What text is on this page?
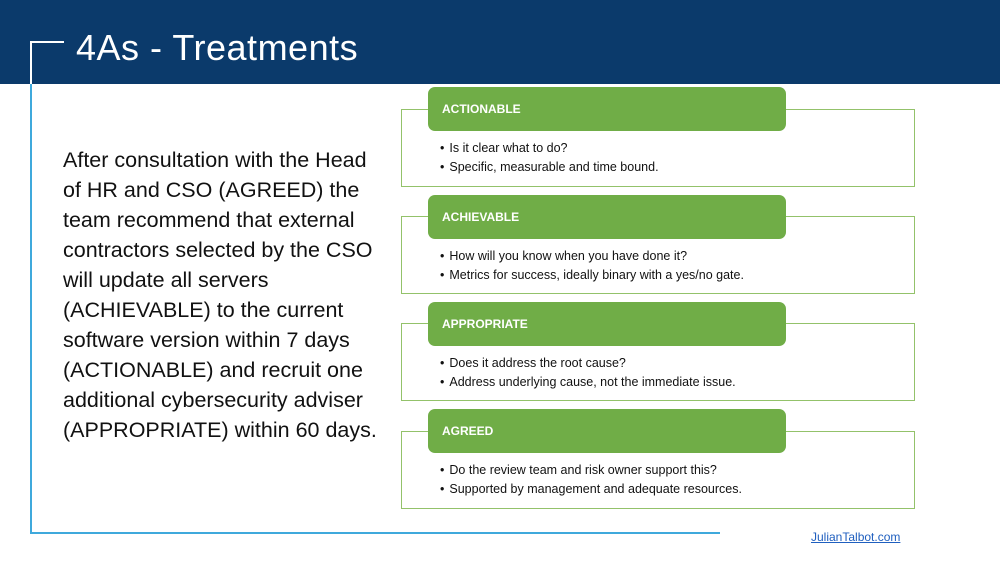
4As - Treatments

After consultation with the Head of HR and CSO (AGREED) the team recommend that external contractors selected by the CSO will update all servers (ACHIEVABLE) to the current software version within 7 days (ACTIONABLE) and recruit one additional cybersecurity adviser (APPROPRIATE) within 60 days.

ACTIONABLE
• Is it clear what to do?
• Specific, measurable and time bound.
ACHIEVABLE
• How will you know when you have done it?
• Metrics for success, ideally binary with a yes/no gate.
APPROPRIATE
• Does it address the root cause?
• Address underlying cause, not the immediate issue.
AGREED
• Do the review team and risk owner support this?
• Supported by management and adequate resources.
JulianTalbot.com
